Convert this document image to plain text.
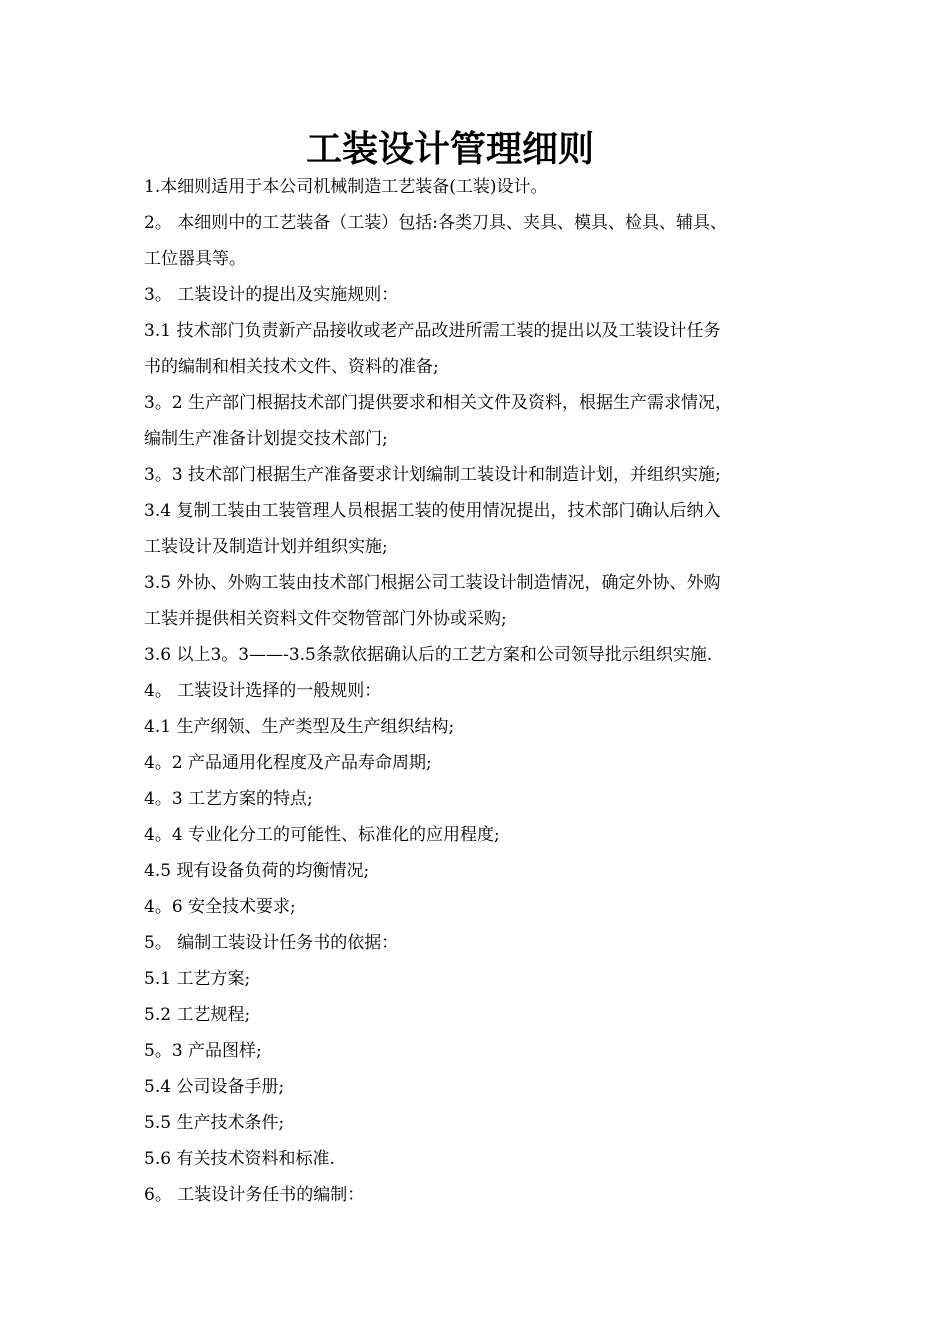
工装设计管理细则
1.本细则适用于本公司机械制造工艺装备(工装)设计。
2。 本细则中的工艺装备（工装）包括:各类刀具、夹具、模具、检具、辅具、
工位器具等。
3。 工装设计的提出及实施规则：
3.1 技术部门负责新产品接收或老产品改进所需工装的提出以及工装设计任务
书的编制和相关技术文件、资料的准备;
3。2 生产部门根据技术部门提供要求和相关文件及资料，根据生产需求情况，
编制生产准备计划提交技术部门;
3。3 技术部门根据生产准备要求计划编制工装设计和制造计划，并组织实施;
3.4 复制工装由工装管理人员根据工装的使用情况提出，技术部门确认后纳入
工装设计及制造计划并组织实施;
3.5 外协、外购工装由技术部门根据公司工装设计制造情况，确定外协、外购
工装并提供相关资料文件交物管部门外协或采购;
3.6 以上3。3——-3.5条款依据确认后的工艺方案和公司领导批示组织实施.
4。 工装设计选择的一般规则：
4.1 生产纲领、生产类型及生产组织结构;
4。2 产品通用化程度及产品寿命周期;
4。3 工艺方案的特点;
4。4 专业化分工的可能性、标准化的应用程度;
4.5 现有设备负荷的均衡情况;
4。6 安全技术要求;
5。 编制工装设计任务书的依据：
5.1 工艺方案;
5.2 工艺规程;
5。3 产品图样;
5.4 公司设备手册;
5.5 生产技术条件;
5.6 有关技术资料和标准.
6。 工装设计务任书的编制：
